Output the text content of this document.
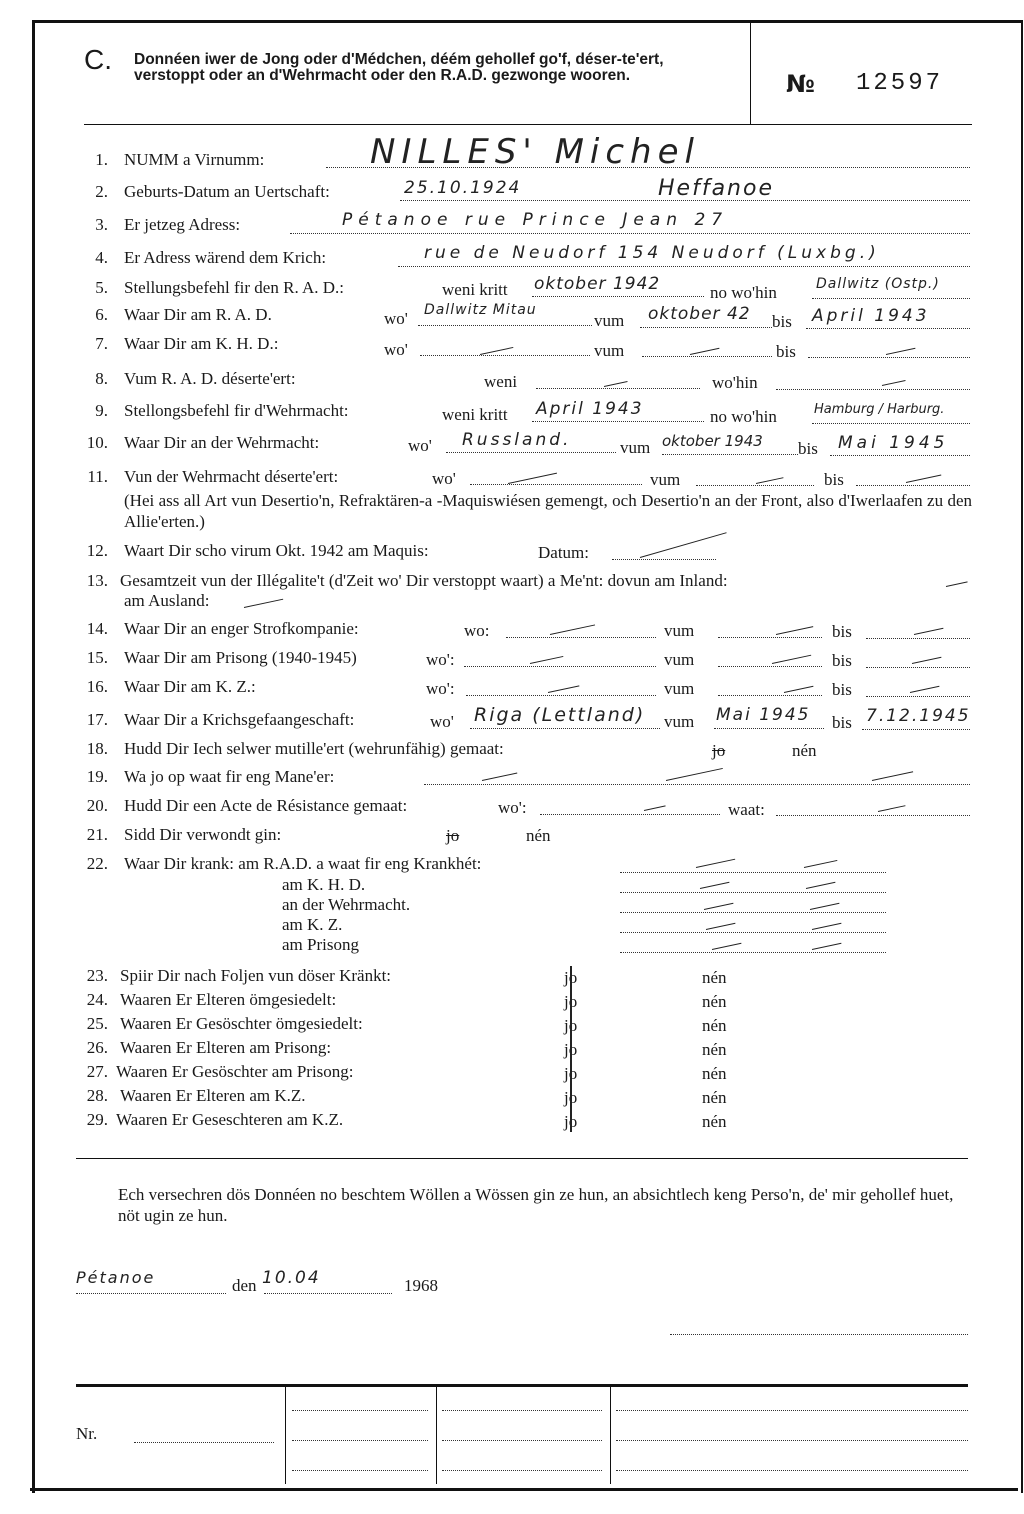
C. Donnéen iwer de Jong oder d'Médchen, déém gehollef go'f, déser-te'ert, verstoppt oder an d'Wehrmacht oder den R.A.D. gezwonge wooren.	№ 12597
1. NUMM a Virnumm:	NILLES' Michel
2. Geburts-Datum an Uertschaft:	25.10.1924	Heffanoe
3. Er jetzeg Adress:	Pétanoe rue Prince Jean 27
4. Er Adress wärend dem Krich:	rue de Neudorf 154 Neudorf (Luxbg.)
5. Stellungsbefehl fir den R. A. D.:	weni kritt oktober 1942	no wo'hin	Dallwitz (Ostp.)
6. Waar Dir am R. A. D.	wo' Dallwitz Mitau
vum oktober 42 bis April 1943
7. Waar Dir am K. H. D.:	wo'	vum	bis
8. Vum R. A. D. déserte'ert:	weni	wo'hin
9. Stellongsbefehl fir d'Wehrmacht:	weni kritt April 1943	no wo'hin	Hamburg / Harburg.
10. Waar Dir an der Wehrmacht:	wo' Russland.	vum oktober 1943 bis Mai 1945
11. Vun der Wehrmacht déserte'ert:	wo'	vum	bis
(Hei ass all Art vun Desertio'n, Refraktären-a -Maquiswiésen gemengt, och Desertio'n an der Front, also d'Iwerlaafen zu den Allie'erten.)
12. Waart Dir scho virum Okt. 1942 am Maquis:	Datum:
13. Gesamtzeit vun der Illégalite't (d'Zeit wo' Dir verstoppt waart) a Me'nt: dovun am Inland:
am Ausland:
14. Waar Dir an enger Strofkompanie:	wo:	vum	bis
15. Waar Dir am Prisong (1940-1945)	wo':	vum	bis
16. Waar Dir am K. Z.:	wo':	vum	bis
17. Waar Dir a Krichsgefaangeschaft:	wo' Riga (Lettland) vum Mai 1945 bis 7.12.1945
18. Hudd Dir Iech selwer mutille'ert (wehrunfähig) gemaat:	jo	nén
19. Wa jo op waat fir eng Mane'er:
20. Hudd Dir een Acte de Résistance gemaat:	wo':	waat:
21. Sidd Dir verwondt gin:	jo	nén
22. Waar Dir krank: am R.A.D. a waat fir eng Krankhét:
am K. H. D.
an der Wehrmacht.
am K. Z.
am Prisong
23. Spiir Dir nach Foljen vun döser Kränkt:	jo	nén
24. Waaren Er Elteren ömgesiedelt:	jo	nén
25. Waaren Er Gesöschter ömgesiedelt:	jo	nén
26. Waaren Er Elteren am Prisong:	jo	nén
27. Waaren Er Gesöschter am Prisong:	jo	nén
28. Waaren Er Elteren am K.Z.	jo	nén
29. Waaren Er Geseschteren am K.Z.	jo	nén
Ech versechren dös Donnéen no beschtem Wöllen a Wössen gin ze hun, an absichtlech keng Perso'n, de' mir gehollef huet, nöt ugin ze hun.
Pétanoe	den 10.04	1968
Nr.
